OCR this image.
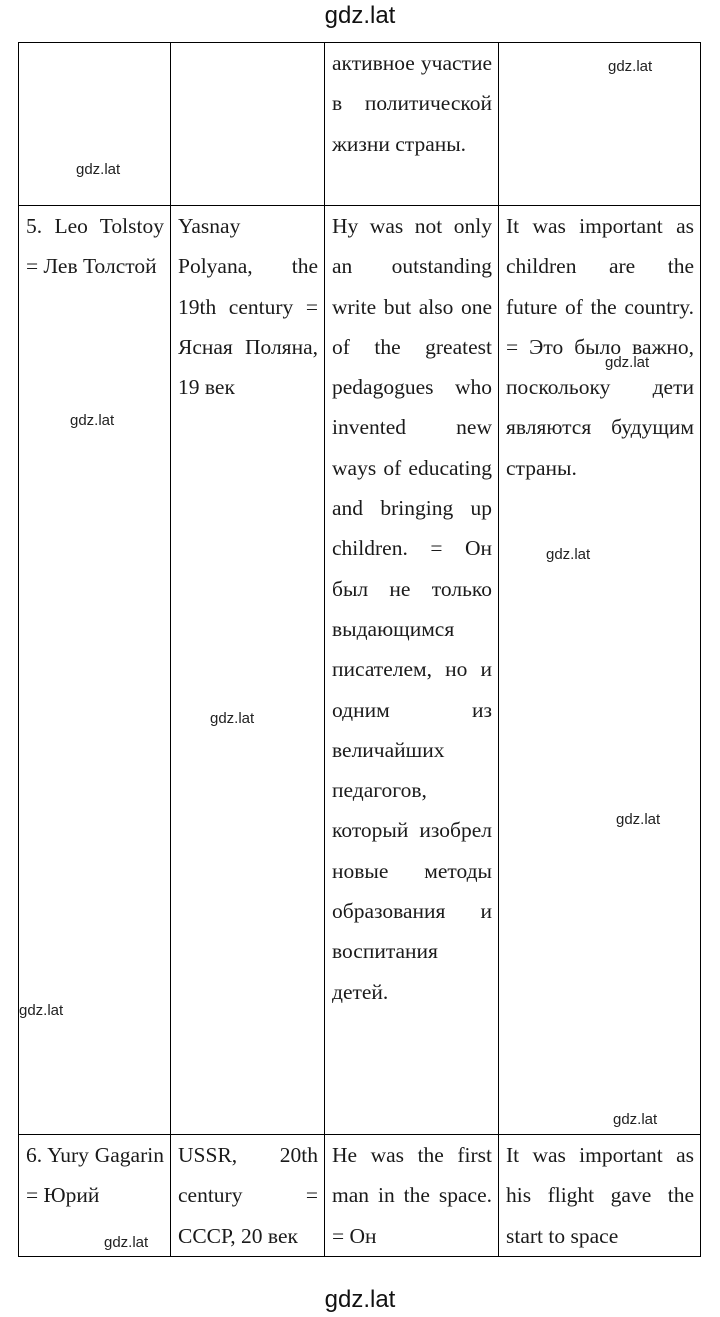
gdz.lat

		активное участие в политической жизни страны.	

5. Leo Tolstoy = Лев Толстой	Yasnay Polyana, the 19th century = Ясная Поляна, 19 век	Hy was not only an outstanding write but also one of the greatest pedagogues who invented new ways of educating and bringing up children. = Он был не только выдающимся писателем, но и одним из величайших педагогов, который изобрел новые методы образования и воспитания детей.	It was important as children are the future of the country. = Это было важно, поскольоку дети являются будущим страны.

6. Yury Gagarin = Юрий	USSR, 20th century = СССР, 20 век	He was the first man in the space. = Он	It was important as his flight gave the start to space
gdz.lat
gdz.lat
gdz.lat
gdz.lat
gdz.lat
gdz.lat
gdz.lat
gdz.lat
gdz.lat
gdz.lat
gdz.lat
